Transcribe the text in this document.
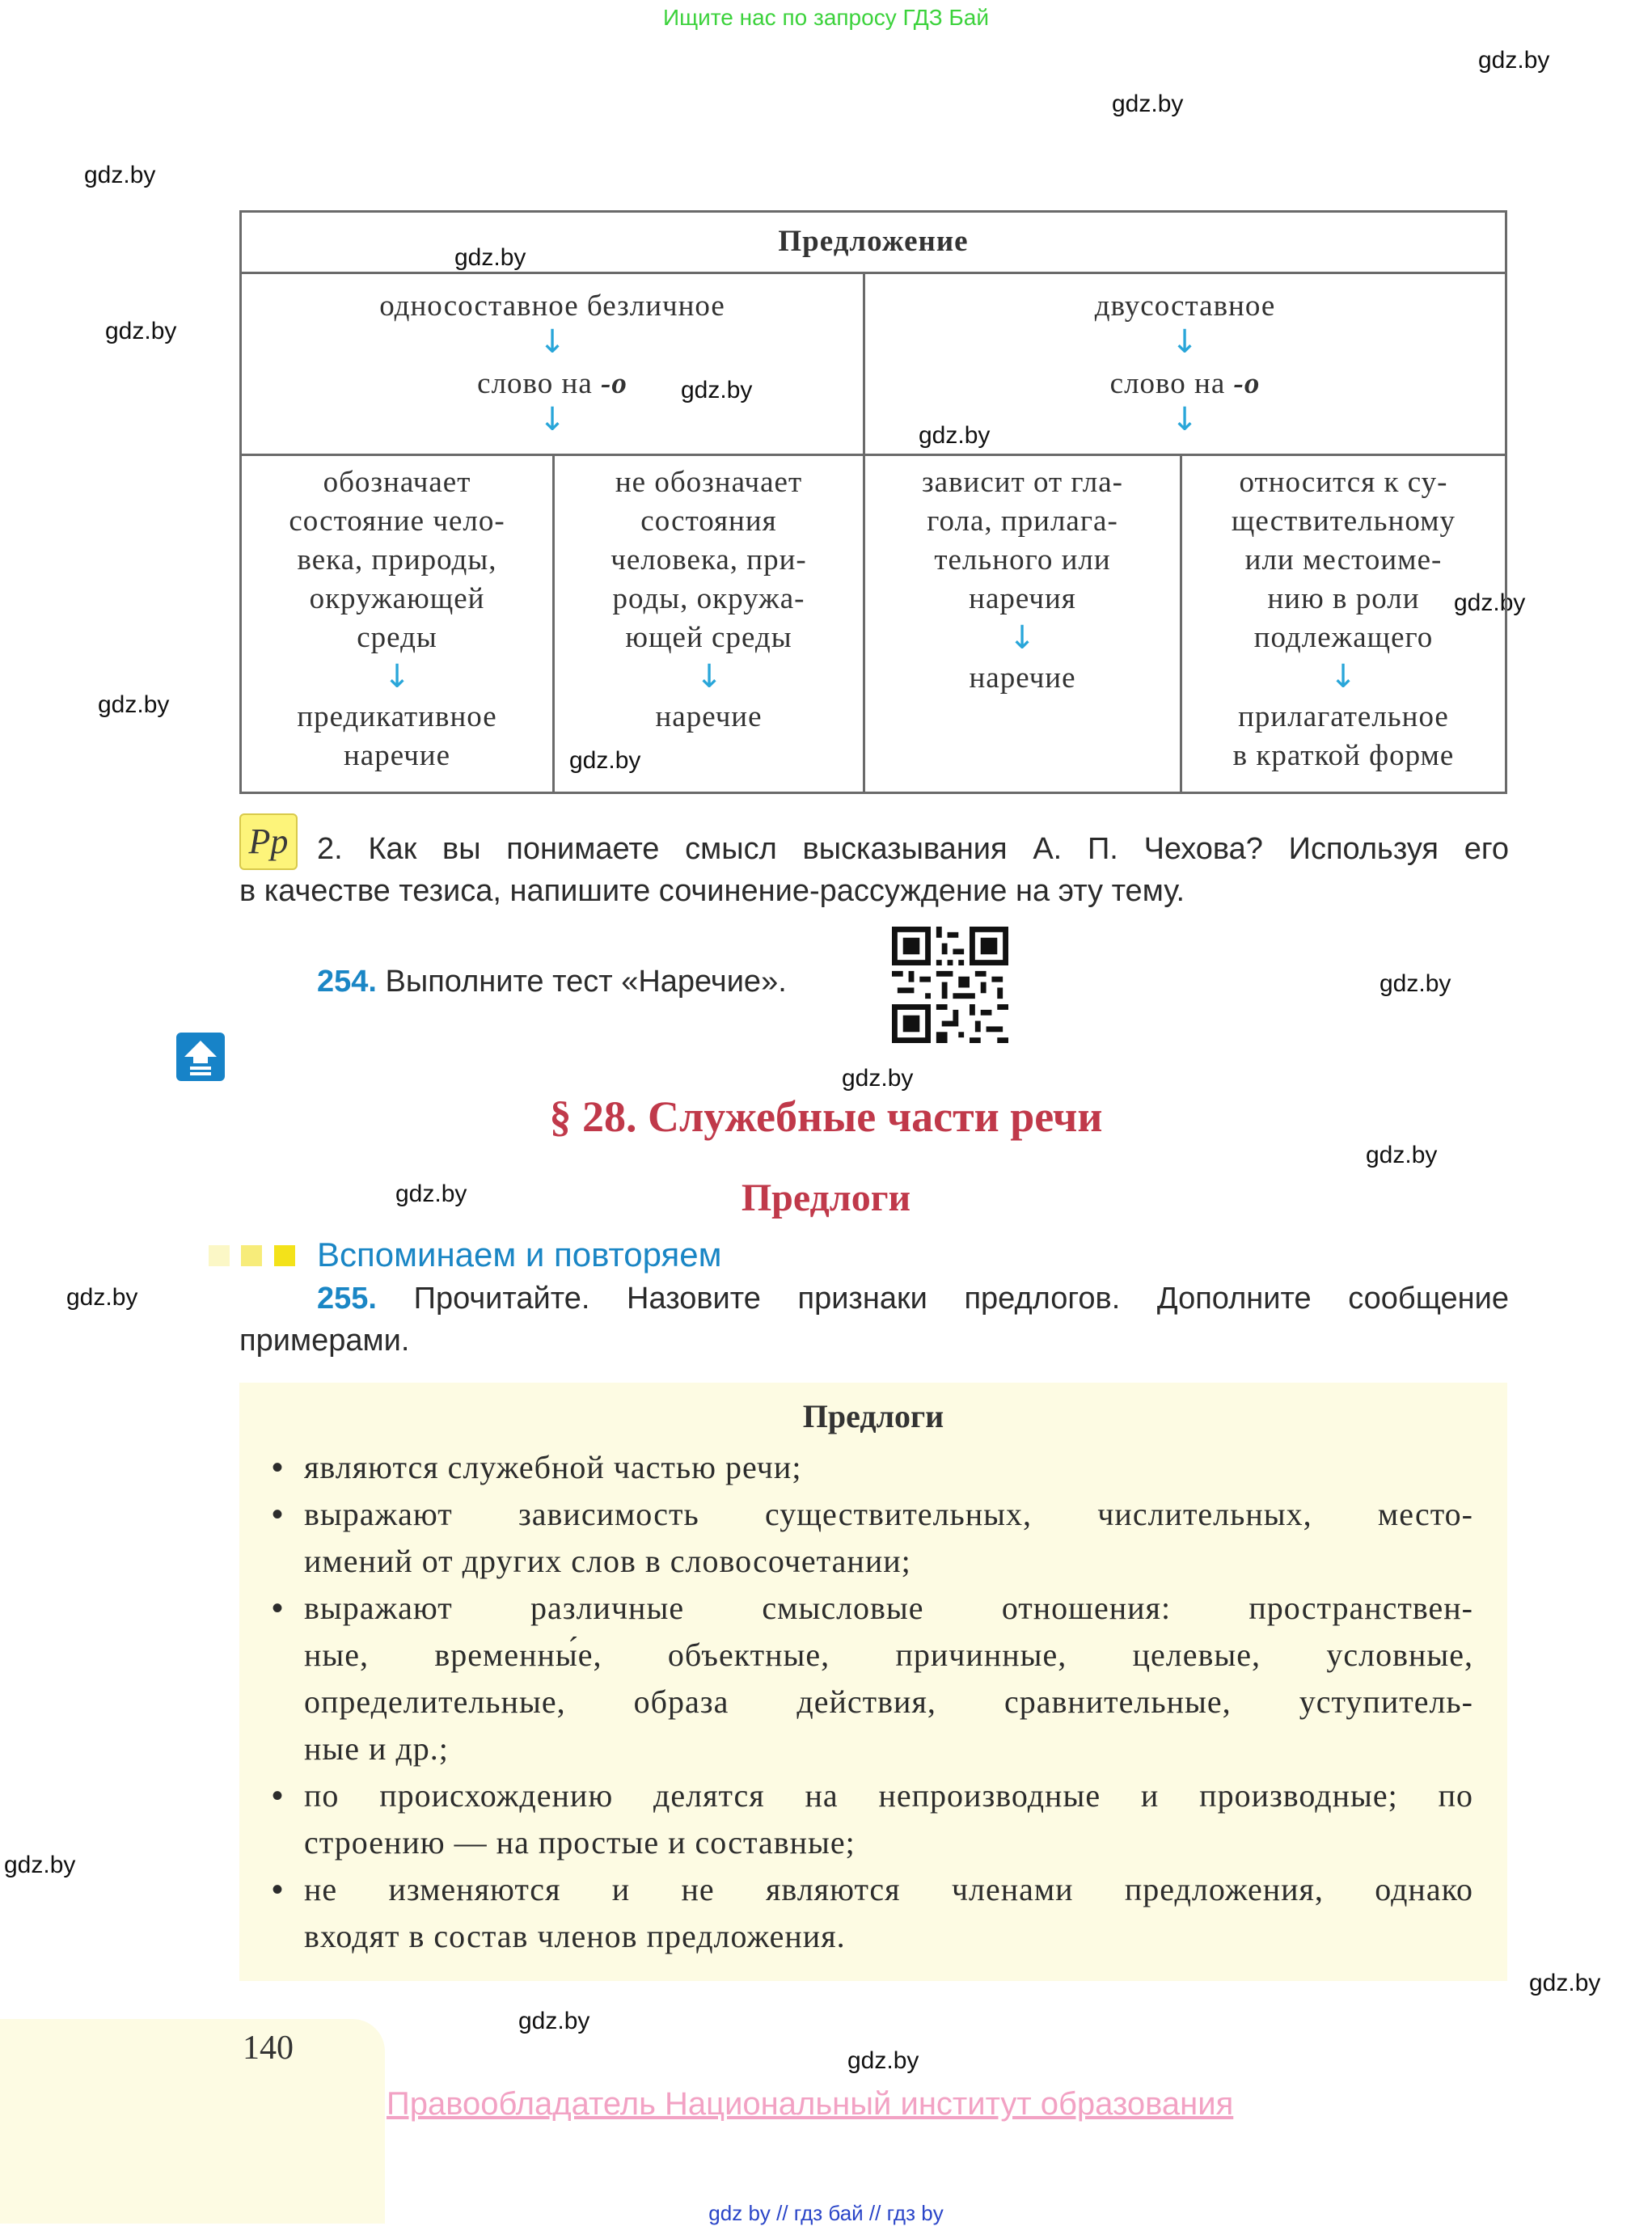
Ищите нас по запросу ГДЗ Бай
gdz.by
gdz.by
gdz.by
gdz.by
gdz.by
gdz.by
gdz.by
gdz.by
gdz.by
gdz.by
gdz.by
gdz.by
gdz.by
gdz.by
gdz.by
gdz.by
gdz.by
gdz.by
gdz.by
Предложение
односоставное безличное
↓
слово на -о
↓
двусоставное
↓
слово на -о
↓
обозначает
состояние чело-
века, природы,
окружающей
среды
↓
предикативное
наречие
не обозначает
состояния
человека, при-
роды, окружа-
ющей среды
↓
наречие
зависит от гла-
гола, прилага-
тельного или
наречия
↓
наречие
относится к су-
ществительному
или местоиме-
нию в роли
подлежащего
↓
прилагательное
в краткой форме
Pp 2. Как вы понимаете смысл высказывания А. П. Чехова? Используя его
в качестве тезиса, напишите сочинение-рассуждение на эту тему.
254. Выполните тест «Наречие».
§ 28. Служебные части речи
Предлоги

Вспоминаем и повторяем
255. Прочитайте. Назовите признаки предлогов. Дополните сообщение
примерами.
Предлоги
• являются служебной частью речи;
• выражают зависимость существительных, числительных, место-
имений от других слов в словосочетании;
• выражают различные смысловые отношения: пространствен-
ные, временны́е, объектные, причинные, целевые, условные,
определительные, образа действия, сравнительные, уступитель-
ные и др.;
• по происхождению делятся на непроизводные и производные; по
строению — на простые и составные;
• не изменяются и не являются членами предложения, однако
входят в состав членов предложения.
140
Правообладатель Национальный институт образования
gdz by // гдз бай // гдз by
